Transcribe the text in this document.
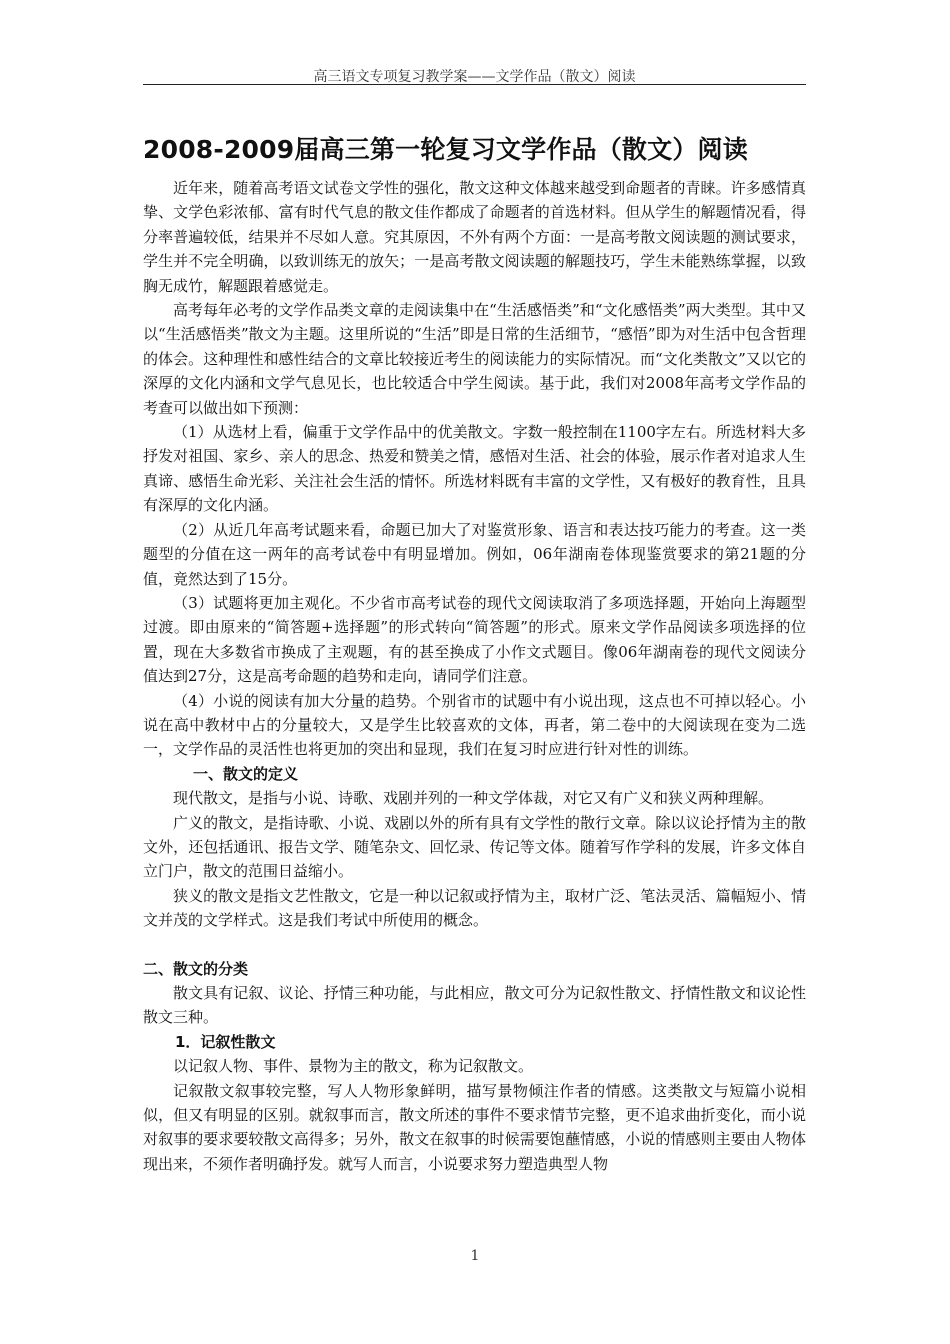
高三语文专项复习教学案——文学作品（散文）阅读
2008-2009届高三第一轮复习文学作品（散文）阅读

近年来，随着高考语文试卷文学性的强化，散文这种文体越来越受到命题者的青睐。许多感情真挚、文学色彩浓郁、富有时代气息的散文佳作都成了命题者的首选材料。但从学生的解题情况看，得分率普遍较低，结果并不尽如人意。究其原因，不外有两个方面：一是高考散文阅读题的测试要求，学生并不完全明确，以致训练无的放矢；一是高考散文阅读题的解题技巧，学生未能熟练掌握，以致胸无成竹，解题跟着感觉走。

高考每年必考的文学作品类文章的走阅读集中在“生活感悟类”和“文化感悟类”两大类型。其中又以“生活感悟类”散文为主题。这里所说的“生活”即是日常的生活细节，“感悟”即为对生活中包含哲理的体会。这种理性和感性结合的文章比较接近考生的阅读能力的实际情况。而“文化类散文”又以它的深厚的文化内涵和文学气息见长，也比较适合中学生阅读。基于此，我们对2008年高考文学作品的考查可以做出如下预测：

（1）从选材上看，偏重于文学作品中的优美散文。字数一般控制在1100字左右。所选材料大多抒发对祖国、家乡、亲人的思念、热爱和赞美之情，感悟对生活、社会的体验，展示作者对追求人生真谛、感悟生命光彩、关注社会生活的情怀。所选材料既有丰富的文学性，又有极好的教育性，且具有深厚的文化内涵。

（2）从近几年高考试题来看，命题已加大了对鉴赏形象、语言和表达技巧能力的考查。这一类题型的分值在这一两年的高考试卷中有明显增加。例如，06年湖南卷体现鉴赏要求的第21题的分值，竟然达到了15分。

（3）试题将更加主观化。不少省市高考试卷的现代文阅读取消了多项选择题，开始向上海题型过渡。即由原来的“简答题+选择题”的形式转向“简答题”的形式。原来文学作品阅读多项选择的位置，现在大多数省市换成了主观题，有的甚至换成了小作文式题目。像06年湖南卷的现代文阅读分值达到27分，这是高考命题的趋势和走向，请同学们注意。

（4）小说的阅读有加大分量的趋势。个别省市的试题中有小说出现，这点也不可掉以轻心。小说在高中教材中占的分量较大，又是学生比较喜欢的文体，再者，第二卷中的大阅读现在变为二选一，文学作品的灵活性也将更加的突出和显现，我们在复习时应进行针对性的训练。

一、散文的定义

现代散文，是指与小说、诗歌、戏剧并列的一种文学体裁，对它又有广义和狭义两种理解。

广义的散文，是指诗歌、小说、戏剧以外的所有具有文学性的散行文章。除以议论抒情为主的散文外，还包括通讯、报告文学、随笔杂文、回忆录、传记等文体。随着写作学科的发展，许多文体自立门户，散文的范围日益缩小。

狭义的散文是指文艺性散文，它是一种以记叙或抒情为主，取材广泛、笔法灵活、篇幅短小、情文并茂的文学样式。这是我们考试中所使用的概念。

二、散文的分类

散文具有记叙、议论、抒情三种功能，与此相应，散文可分为记叙性散文、抒情性散文和议论性散文三种。

1．记叙性散文

以记叙人物、事件、景物为主的散文，称为记叙散文。

记叙散文叙事较完整，写人人物形象鲜明，描写景物倾注作者的情感。这类散文与短篇小说相似，但又有明显的区别。就叙事而言，散文所述的事件不要求情节完整，更不追求曲折变化，而小说对叙事的要求要较散文高得多；另外，散文在叙事的时候需要饱蘸情感，小说的情感则主要由人物体现出来，不须作者明确抒发。就写人而言，小说要求努力塑造典型人物

1
